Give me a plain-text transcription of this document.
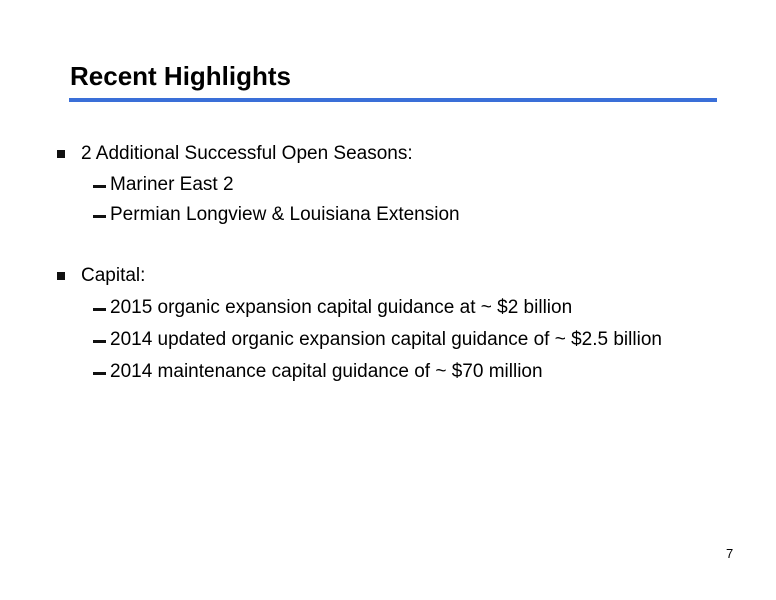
Recent Highlights
2 Additional Successful Open Seasons:
Mariner East 2
Permian Longview & Louisiana Extension
Capital:
2015 organic expansion capital guidance at ~ $2 billion
2014 updated organic expansion capital guidance of ~ $2.5 billion
2014 maintenance capital guidance of ~ $70 million
7
